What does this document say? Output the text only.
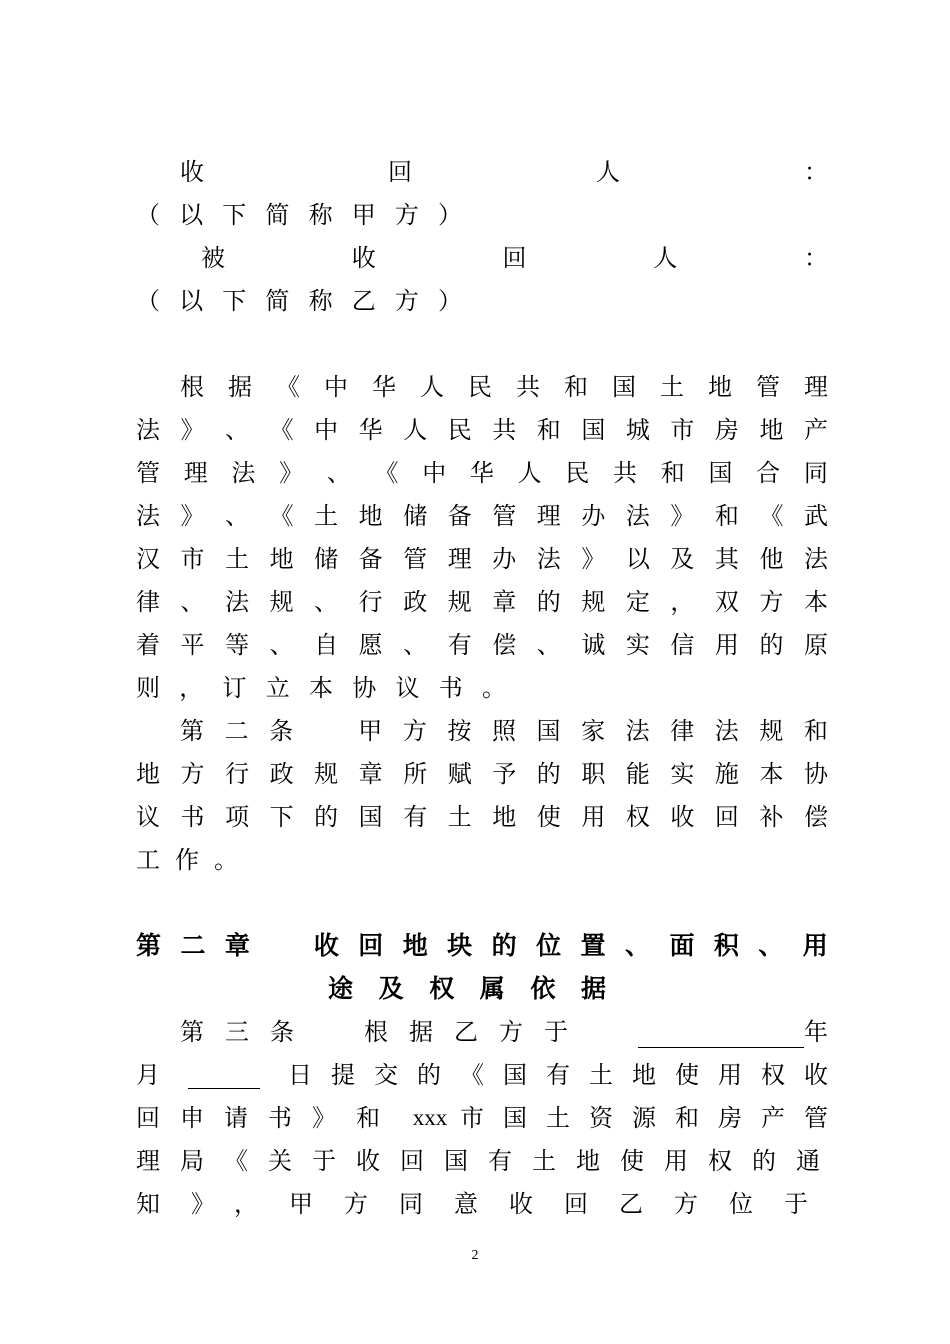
收	回	人	：
（ 以 下 简 称 甲 方 ）
被	收	回	人	：
（ 以 下 简 称 乙 方 ）
根 据 《 中 华 人 民 共 和 国 土 地 管 理
法 》 、 《 中 华 人 民 共 和 国 城 市 房 地 产
管 理 法 》 、 《 中 华 人 民 共 和 国 合 同
法 》 、 《 土 地 储 备 管 理 办 法 》 和 《 武
汉 市 土 地 储 备 管 理 办 法 》 以 及 其 他 法
律 、 法 规 、 行 政 规 章 的 规 定 ， 双 方 本
着 平 等 、 自 愿 、 有 偿 、 诚 实 信 用 的 原
则 ， 订 立 本 协 议 书 。
第 二 条
　	甲 方 按 照 国 家 法 律 法 规 和
地 方 行 政 规 章 所 赋 予 的 职 能 实 施 本 协
议 书 项 下 的 国 有 土 地 使 用 权 收 回 补 偿
工 作 。
第 二 章
　	收 回 地 块 的 位 置 、 面 积 、 用
途 及 权 属 依 据
第三条 根据乙方于	年
月	日提交的《国有土地使用权收
回申请书》和 xxx 市国土资源和房产管
理局《关于收回国有土地使用权的通
知》，甲方同意收回乙方位于
2
